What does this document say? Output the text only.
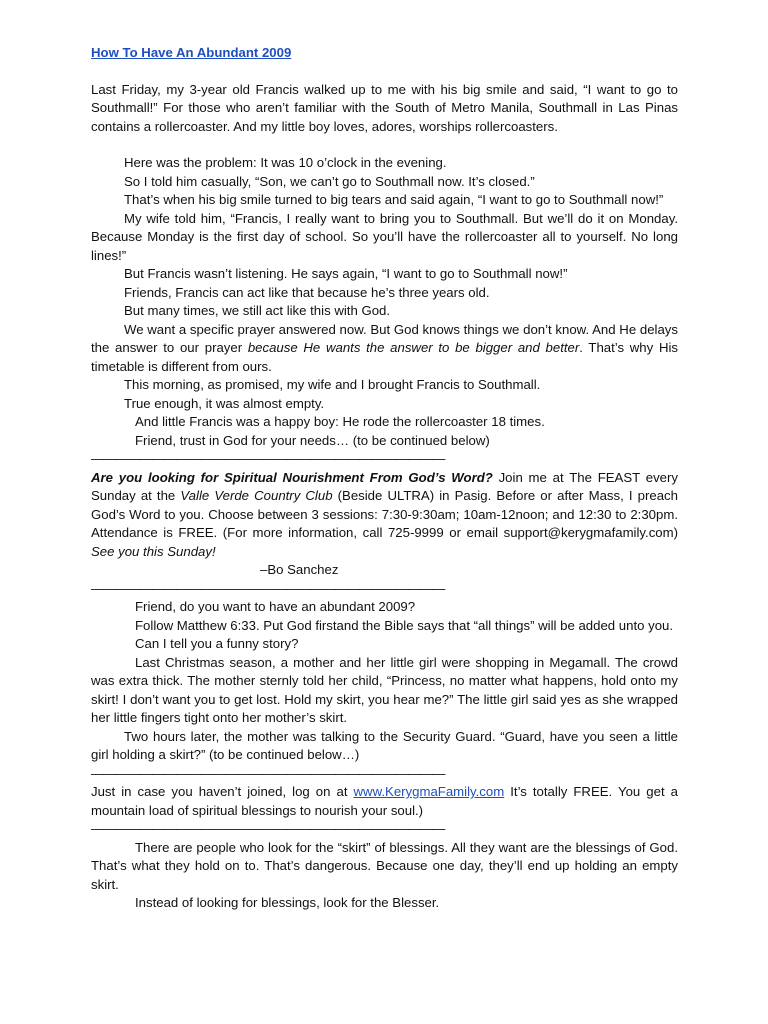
How To Have An Abundant 2009

Last Friday, my 3-year old Francis walked up to me with his big smile and said, “I want to go to Southmall!” For those who aren’t familiar with the South of Metro Manila, Southmall in Las Pinas contains a rollercoaster. And my little boy loves, adores, worships rollercoasters.

Here was the problem: It was 10 o’clock in the evening.

So I told him casually, “Son, we can’t go to Southmall now. It’s closed.”

That’s when his big smile turned to big tears and said again, “I want to go to Southmall now!”

My wife told him, “Francis, I really want to bring you to Southmall. But we’ll do it on Monday. Because Monday is the first day of school. So you’ll have the rollercoaster all to yourself. No long lines!”

But Francis wasn’t listening. He says again, “I want to go to Southmall now!”

Friends, Francis can act like that because he’s three years old.

But many times, we still act like this with God.

We want a specific prayer answered now. But God knows things we don’t know. And He delays the answer to our prayer because He wants the answer to be bigger and better. That’s why His timetable is different from ours.

This morning, as promised, my wife and I brought Francis to Southmall.

True enough, it was almost empty.

And little Francis was a happy boy: He rode the rollercoaster 18 times.

Friend, trust in God for your needs… (to be continued below)

—————————————————————————————

Are you looking for Spiritual Nourishment From God’s Word? Join me at The FEAST every Sunday at the Valle Verde Country Club (Beside ULTRA) in Pasig. Before or after Mass, I preach God’s Word to you. Choose between 3 sessions: 7:30-9:30am; 10am-12noon; and 12:30 to 2:30pm. Attendance is FREE. (For more information, call 725-9999 or email support@kerygmafamily.com) See you this Sunday!

–Bo Sanchez
—————————————————————————————

Friend, do you want to have an abundant 2009?

Follow Matthew 6:33. Put God firstand the Bible says that “all things” will be added unto you.

Can I tell you a funny story?

Last Christmas season, a mother and her little girl were shopping in Megamall. The crowd was extra thick. The mother sternly told her child, “Princess, no matter what happens, hold onto my skirt! I don’t want you to get lost. Hold my skirt, you hear me?” The little girl said yes as she wrapped her little fingers tight onto her mother’s skirt.

Two hours later, the mother was talking to the Security Guard. “Guard, have you seen a little girl holding a skirt?” (to be continued below…)

—————————————————————————————

Just in case you haven’t joined, log on at www.KerygmaFamily.com It’s totally FREE. You get a mountain load of spiritual blessings to nourish your soul.)

—————————————————————————————

There are people who look for the “skirt” of blessings. All they want are the blessings of God. That’s what they hold on to. That’s dangerous. Because one day, they’ll end up holding an empty skirt.

Instead of looking for blessings, look for the Blesser.
